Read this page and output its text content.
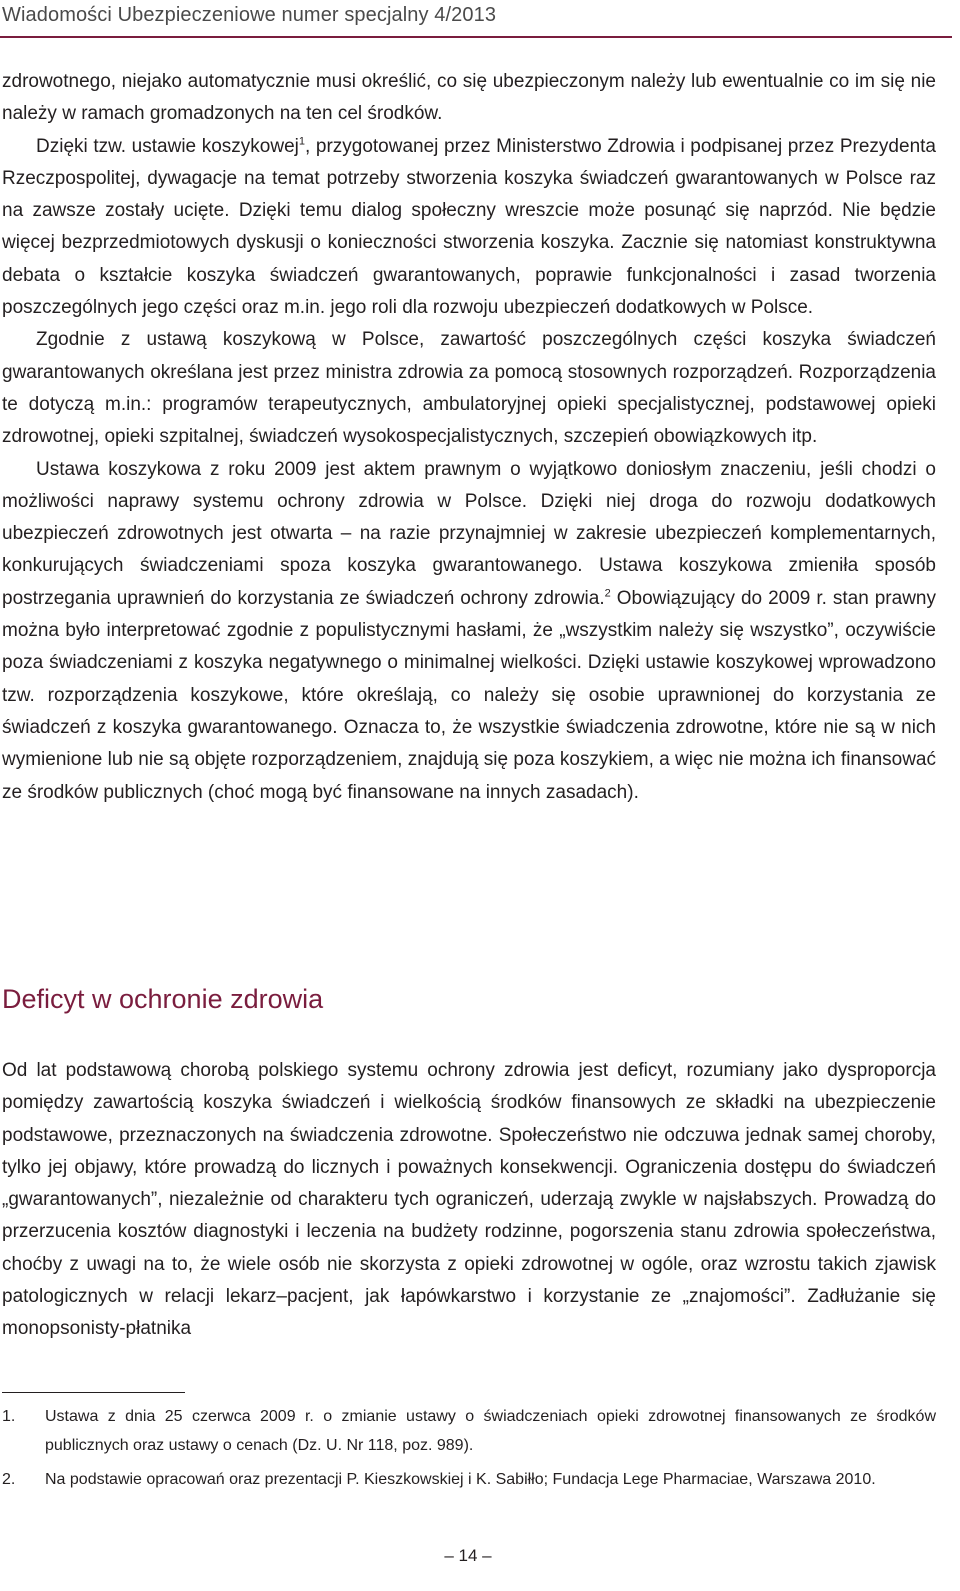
Wiadomości Ubezpieczeniowe numer specjalny 4/2013

zdrowotnego, niejako automatycznie musi określić, co się ubezpieczonym należy lub ewentualnie co im się nie należy w ramach gromadzonych na ten cel środków.

Dzięki tzw. ustawie koszykowej$^1$, przygotowanej przez Ministerstwo Zdrowia i podpisanej przez Prezydenta Rzeczpospolitej, dywagacje na temat potrzeby stworzenia koszyka świadczeń gwarantowanych w Polsce raz na zawsze zostały ucięte. Dzięki temu dialog społeczny wreszcie może posunąć się naprzód. Nie będzie więcej bezprzedmiotowych dyskusji o konieczności stworzenia koszyka. Zacznie się natomiast konstruktywna debata o kształcie koszyka świadczeń gwarantowanych, poprawie funkcjonalności i zasad tworzenia poszczególnych jego części oraz m.in. jego roli dla rozwoju ubezpieczeń dodatkowych w Polsce.

Zgodnie z ustawą koszykową w Polsce, zawartość poszczególnych części koszyka świadczeń gwarantowanych określana jest przez ministra zdrowia za pomocą stosownych rozporządzeń. Rozporządzenia te dotyczą m.in.: programów terapeutycznych, ambulatoryjnej opieki specjalistycznej, podstawowej opieki zdrowotnej, opieki szpitalnej, świadczeń wysokospecjalistycznych, szczepień obowiązkowych itp.

Ustawa koszykowa z roku 2009 jest aktem prawnym o wyjątkowo doniosłym znaczeniu, jeśli chodzi o możliwości naprawy systemu ochrony zdrowia w Polsce. Dzięki niej droga do rozwoju dodatkowych ubezpieczeń zdrowotnych jest otwarta – na razie przynajmniej w zakresie ubezpieczeń komplementarnych, konkurujących świadczeniami spoza koszyka gwarantowanego. Ustawa koszykowa zmieniła sposób postrzegania uprawnień do korzystania ze świadczeń ochrony zdrowia.$^2$ Obowiązujący do 2009 r. stan prawny można było interpretować zgodnie z populistycznymi hasłami, że „wszystkim należy się wszystko”, oczywiście poza świadczeniami z koszyka negatywnego o minimalnej wielkości. Dzięki ustawie koszykowej wprowadzono tzw. rozporządzenia koszykowe, które określają, co należy się osobie uprawnionej do korzystania ze świadczeń z koszyka gwarantowanego. Oznacza to, że wszystkie świadczenia zdrowotne, które nie są w nich wymienione lub nie są objęte rozporządzeniem, znajdują się poza koszykiem, a więc nie można ich finansować ze środków publicznych (choć mogą być finansowane na innych zasadach).

Deficyt w ochronie zdrowia

Od lat podstawową chorobą polskiego systemu ochrony zdrowia jest deficyt, rozumiany jako dysproporcja pomiędzy zawartością koszyka świadczeń i wielkością środków finansowych ze składki na ubezpieczenie podstawowe, przeznaczonych na świadczenia zdrowotne. Społeczeństwo nie odczuwa jednak samej choroby, tylko jej objawy, które prowadzą do licznych i poważnych konsekwencji. Ograniczenia dostępu do świadczeń „gwarantowanych”, niezależnie od charakteru tych ograniczeń, uderzają zwykle w najsłabszych. Prowadzą do przerzucenia kosztów diagnostyki i leczenia na budżety rodzinne, pogorszenia stanu zdrowia społeczeństwa, choćby z uwagi na to, że wiele osób nie skorzysta z opieki zdrowotnej w ogóle, oraz wzrostu takich zjawisk patologicznych w relacji lekarz–pacjent, jak łapówkarstwo i korzystanie ze „znajomości”. Zadłużanie się monopsonisty-płatnika

1.	Ustawa z dnia 25 czerwca 2009 r. o zmianie ustawy o świadczeniach opieki zdrowotnej finansowanych ze środków publicznych oraz ustawy o cenach (Dz. U. Nr 118, poz. 989).
2.	Na podstawie opracowań oraz prezentacji P. Kieszkowskiej i K. Sabiłło; Fundacja Lege Pharmaciae, Warszawa 2010.
– 14 –
